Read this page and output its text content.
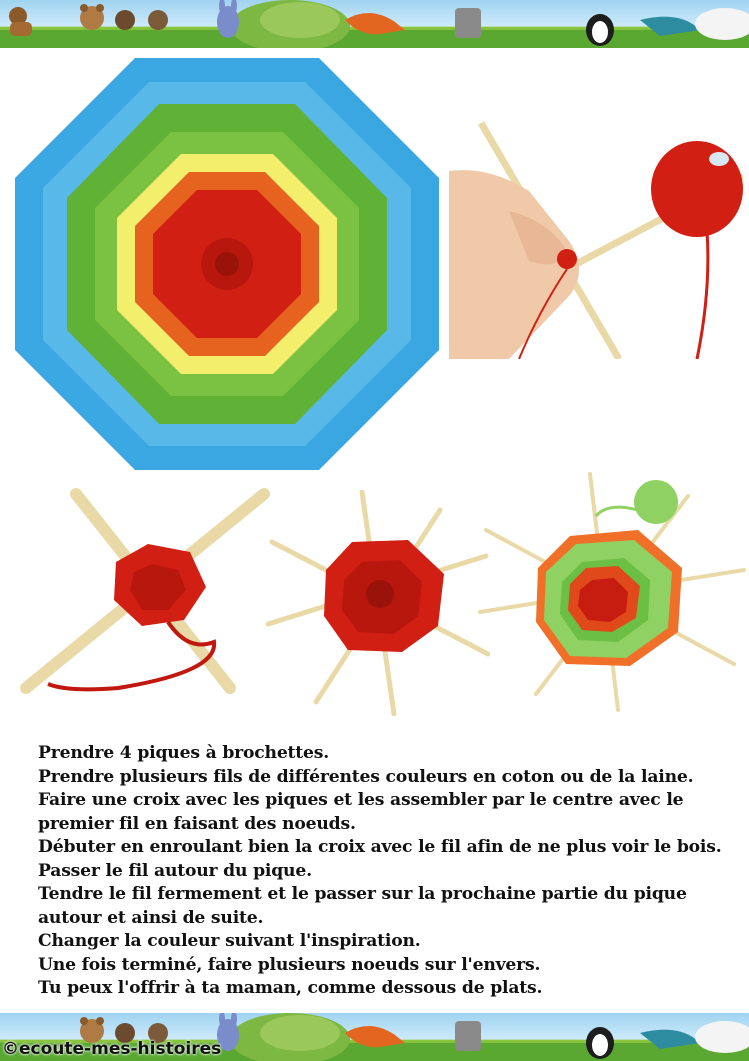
Prendre 4 piques à brochettes.
Prendre plusieurs fils de différentes couleurs en coton ou de la laine.
Faire une croix avec les piques et les assembler par le centre avec le premier fil en faisant des noeuds.
Débuter en enroulant bien la croix avec le fil afin de ne plus voir le bois.
Passer le fil autour du pique.
Tendre le fil fermement et le passer sur la prochaine partie du pique autour et ainsi de suite.
Changer la couleur suivant l'inspiration.
Une fois terminé, faire plusieurs noeuds sur l'envers.
Tu peux l'offrir à ta maman, comme dessous de plats.
©ecoute-mes-histoires
